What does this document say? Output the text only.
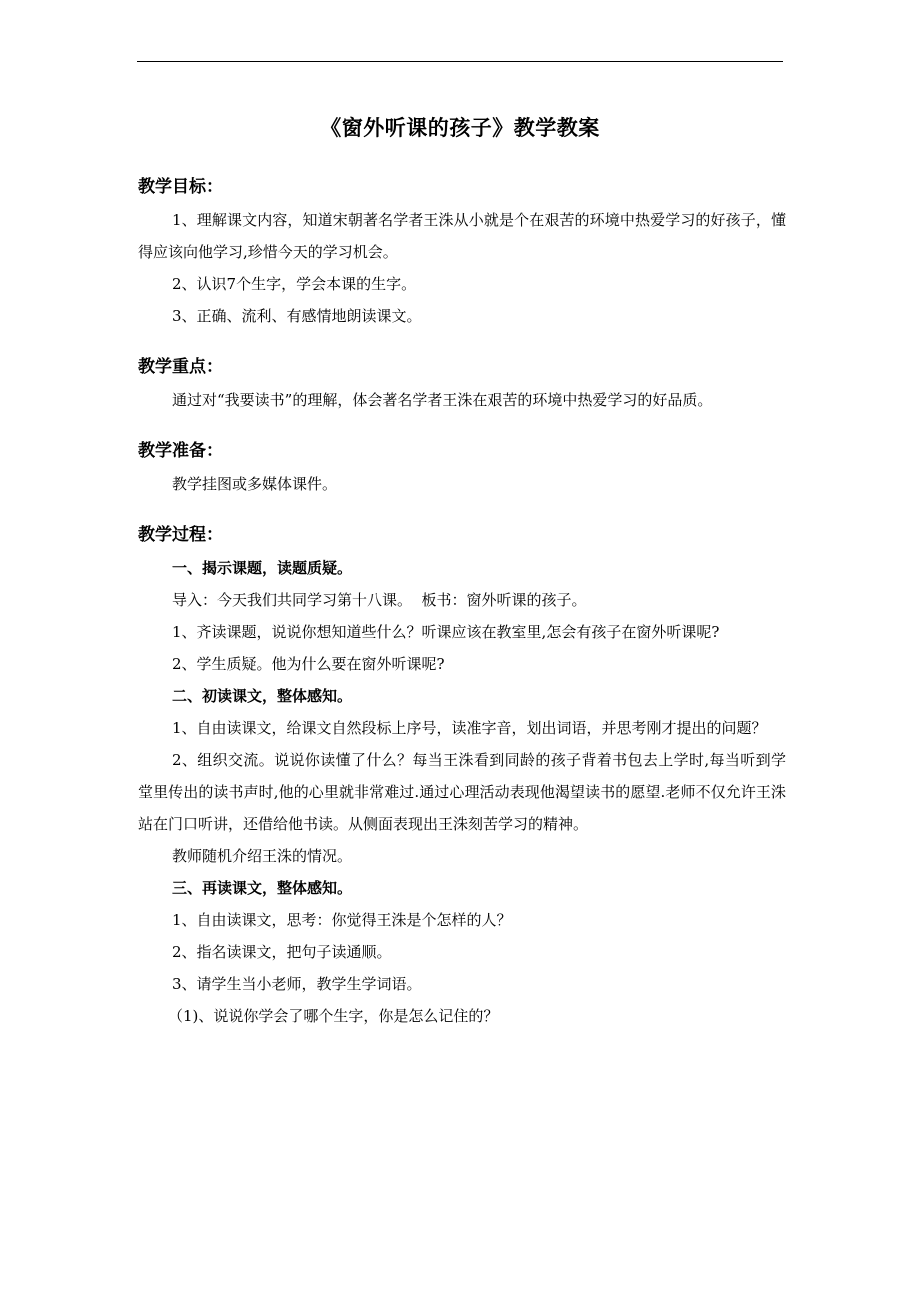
《窗外听课的孩子》教学教案
教学目标：

1、理解课文内容，知道宋朝著名学者王洙从小就是个在艰苦的环境中热爱学习的好孩子，懂得应该向他学习,珍惜今天的学习机会。

2、认识7个生字，学会本课的生字。

3、正确、流利、有感情地朗读课文。

教学重点：

通过对“我要读书”的理解，体会著名学者王洙在艰苦的环境中热爱学习的好品质。

教学准备：

教学挂图或多媒体课件。

教学过程：

一、揭示课题，读题质疑。

导入：今天我们共同学习第十八课。  板书：窗外听课的孩子。

1、齐读课题，说说你想知道些什么？听课应该在教室里,怎会有孩子在窗外听课呢?

2、学生质疑。他为什么要在窗外听课呢?

二、初读课文，整体感知。

1、自由读课文，给课文自然段标上序号，读准字音，划出词语，并思考刚才提出的问题？

2、组织交流。说说你读懂了什么？每当王洙看到同龄的孩子背着书包去上学时,每当听到学堂里传出的读书声时,他的心里就非常难过.通过心理活动表现他渴望读书的愿望.老师不仅允许王洙站在门口听讲，还借给他书读。从侧面表现出王洙刻苦学习的精神。

教师随机介绍王洙的情况。

三、再读课文，整体感知。

1、自由读课文，思考：你觉得王洙是个怎样的人？

2、指名读课文，把句子读通顺。

3、请学生当小老师，教学生学词语。

（1)、说说你学会了哪个生字，你是怎么记住的？
